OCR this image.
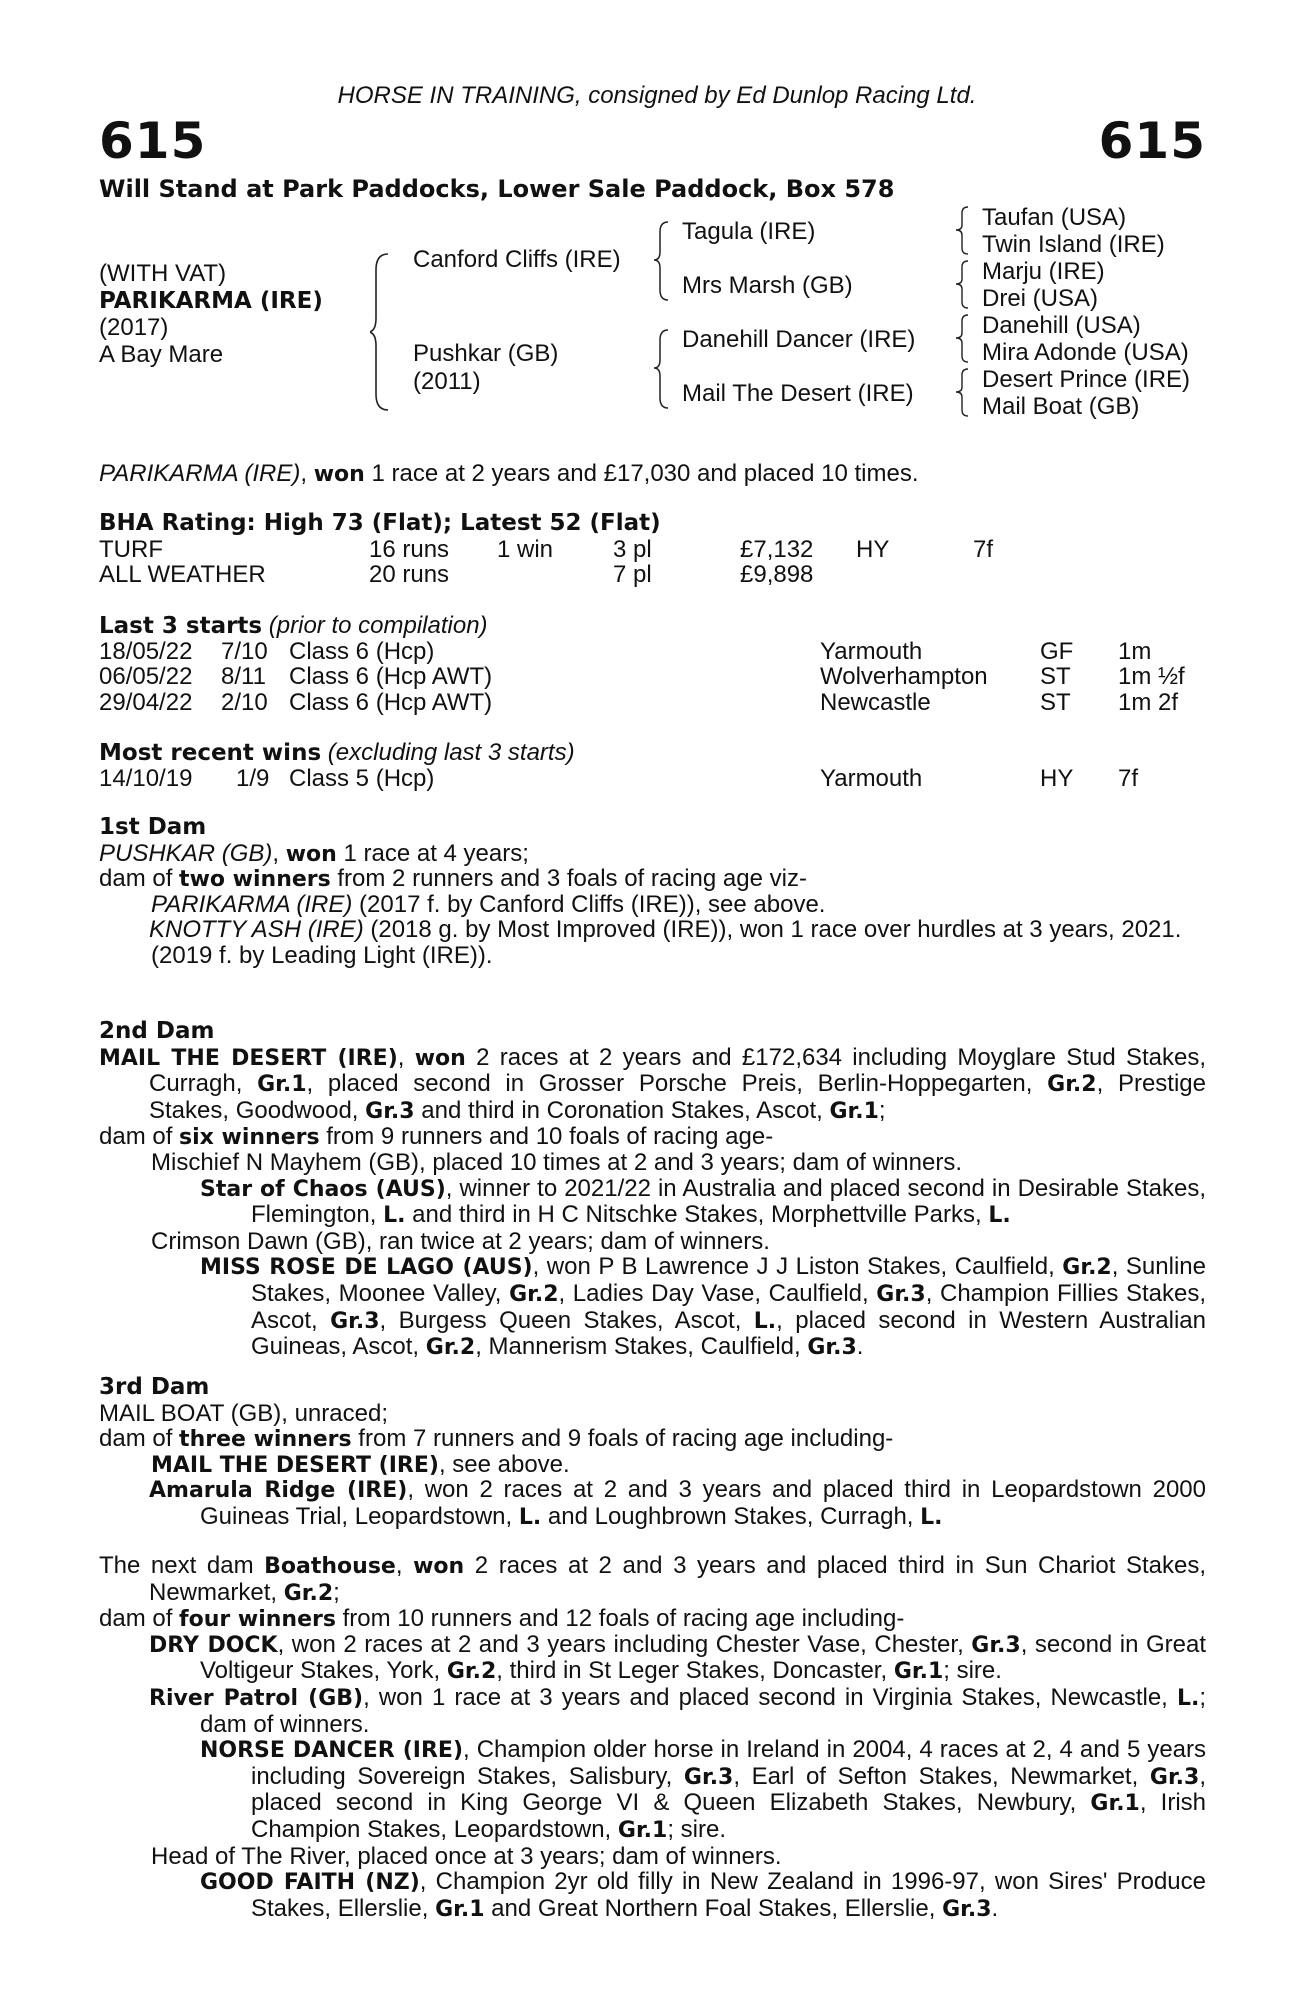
HORSE IN TRAINING, consigned by Ed Dunlop Racing Ltd.
615	615
Will Stand at Park Paddocks, Lower Sale Paddock, Box 578
(WITH VAT)
PARIKARMA (IRE)
(2017)
A Bay Mare
Canford Cliffs (IRE)
Pushkar (GB)
(2011)
Tagula (IRE)
Mrs Marsh (GB)
Danehill Dancer (IRE)
Mail The Desert (IRE)
Taufan (USA)
Twin Island (IRE)
Marju (IRE)
Drei (USA)
Danehill (USA)
Mira Adonde (USA)
Desert Prince (IRE)
Mail Boat (GB)
PARIKARMA (IRE), won 1 race at 2 years and £17,030 and placed 10 times.
BHA Rating: High 73 (Flat); Latest 52 (Flat)
TURF	16 runs 1 win 3 pl	£7,132 HY	7f
ALL WEATHER	20 runs	7 pl	£9,898
Last 3 starts (prior to compilation)
18/05/22 7/10 Class 6 (Hcp)	Yarmouth	GF 1m
06/05/22 8/11 Class 6 (Hcp AWT)	Wolverhampton ST 1m ½f
29/04/22 2/10 Class 6 (Hcp AWT)	Newcastle	ST 1m 2f
Most recent wins (excluding last 3 starts)
14/10/19 1/9 Class 5 (Hcp)	Yarmouth	HY 7f
1st Dam
PUSHKAR (GB), won 1 race at 4 years;
dam of two winners from 2 runners and 3 foals of racing age viz-
PARIKARMA (IRE) (2017 f. by Canford Cliffs (IRE)), see above.
KNOTTY ASH (IRE) (2018 g. by Most Improved (IRE)), won 1 race over hurdles at 3 years, 2021.
(2019 f. by Leading Light (IRE)).
2nd Dam
MAIL THE DESERT (IRE), won 2 races at 2 years and £172,634 including Moyglare Stud Stakes, Curragh, Gr.1, placed second in Grosser Porsche Preis, Berlin-Hoppegarten, Gr.2, Prestige Stakes, Goodwood, Gr.3 and third in Coronation Stakes, Ascot, Gr.1;
dam of six winners from 9 runners and 10 foals of racing age-
Mischief N Mayhem (GB), placed 10 times at 2 and 3 years; dam of winners.
Star of Chaos (AUS), winner to 2021/22 in Australia and placed second in Desirable Stakes, Flemington, L. and third in H C Nitschke Stakes, Morphettville Parks, L.
Crimson Dawn (GB), ran twice at 2 years; dam of winners.
MISS ROSE DE LAGO (AUS), won P B Lawrence J J Liston Stakes, Caulfield, Gr.2, Sunline Stakes, Moonee Valley, Gr.2, Ladies Day Vase, Caulfield, Gr.3, Champion Fillies Stakes, Ascot, Gr.3, Burgess Queen Stakes, Ascot, L., placed second in Western Australian Guineas, Ascot, Gr.2, Mannerism Stakes, Caulfield, Gr.3.
3rd Dam
MAIL BOAT (GB), unraced;
dam of three winners from 7 runners and 9 foals of racing age including-
MAIL THE DESERT (IRE), see above.
Amarula Ridge (IRE), won 2 races at 2 and 3 years and placed third in Leopardstown 2000 Guineas Trial, Leopardstown, L. and Loughbrown Stakes, Curragh, L.
The next dam Boathouse, won 2 races at 2 and 3 years and placed third in Sun Chariot Stakes, Newmarket, Gr.2;
dam of four winners from 10 runners and 12 foals of racing age including-
DRY DOCK, won 2 races at 2 and 3 years including Chester Vase, Chester, Gr.3, second in Great Voltigeur Stakes, York, Gr.2, third in St Leger Stakes, Doncaster, Gr.1; sire.
River Patrol (GB), won 1 race at 3 years and placed second in Virginia Stakes, Newcastle, L.; dam of winners.
NORSE DANCER (IRE), Champion older horse in Ireland in 2004, 4 races at 2, 4 and 5 years including Sovereign Stakes, Salisbury, Gr.3, Earl of Sefton Stakes, Newmarket, Gr.3, placed second in King George VI & Queen Elizabeth Stakes, Newbury, Gr.1, Irish Champion Stakes, Leopardstown, Gr.1; sire.
Head of The River, placed once at 3 years; dam of winners.
GOOD FAITH (NZ), Champion 2yr old filly in New Zealand in 1996-97, won Sires' Produce Stakes, Ellerslie, Gr.1 and Great Northern Foal Stakes, Ellerslie, Gr.3.
